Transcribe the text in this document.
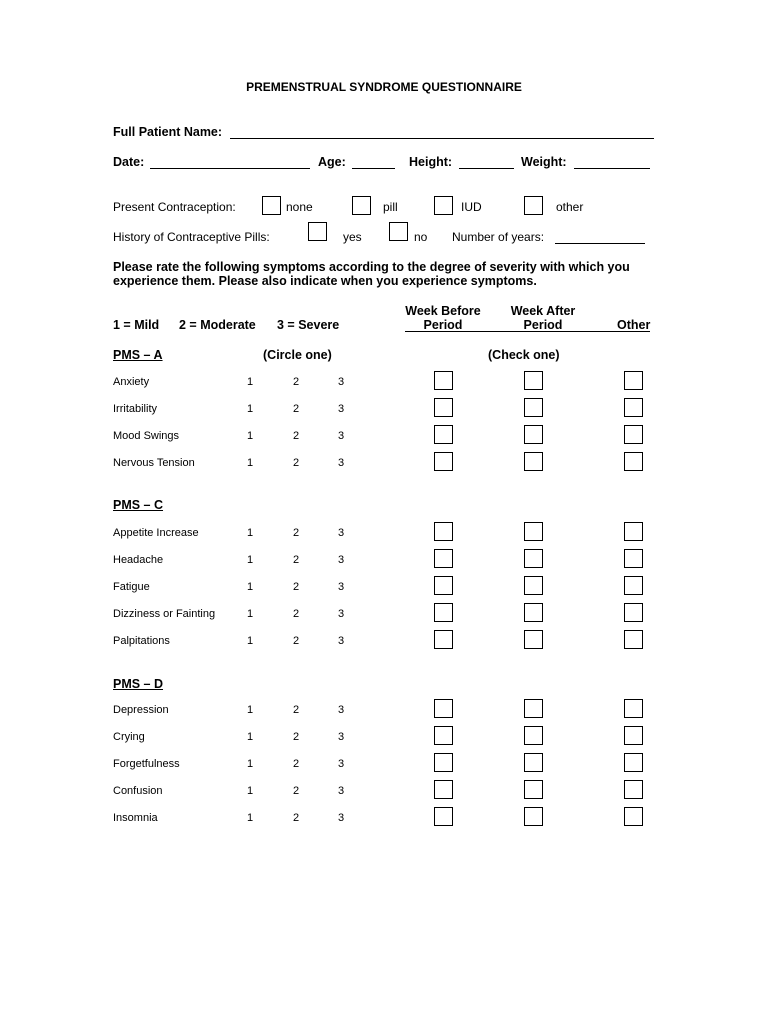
PREMENSTRUAL SYNDROME QUESTIONNAIRE
Full Patient Name:
Date:	Age:	Height:	Weight:
Present Contraception:	none	pill	IUD	other
History of Contraceptive Pills:	yes	no Number of years:
Please rate the following symptoms according to the degree of severity with which you
experience them. Please also indicate when you experience symptoms.
1 = Mild 2 = Moderate 3 = Severe
Week Before
Period
Week After
Period	Other
(Circle one)	(Check one)
PMS – A
Anxiety	1	2	3
Irritability	1	2	3
Mood Swings	1	2	3
Nervous Tension	1	2	3
PMS – C
Appetite Increase	1	2	3
Headache	1	2	3
Fatigue	1	2	3
Dizziness or Fainting	1	2	3
Palpitations	1	2	3
PMS – D
Depression	1	2	3
Crying	1	2	3
Forgetfulness	1	2	3
Confusion	1	2	3
Insomnia	1	2	3
